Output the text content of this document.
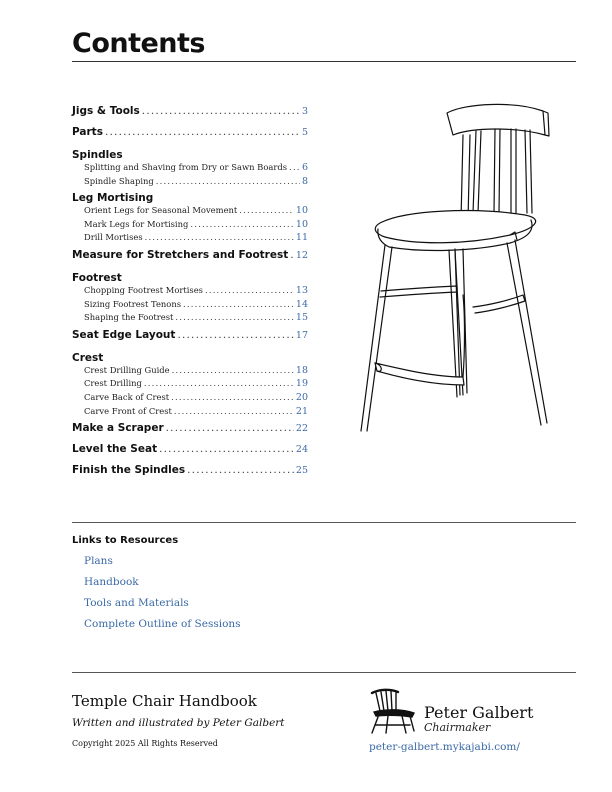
Contents
Jigs & Tools .....	3
Parts .....	5
Spindles
Splitting and Shaving from Dry or Sawn Boards ..... 6
Spindle Shaping .....	8
Leg Mortising
Orient Legs for Seasonal Movement .....	10
Mark Legs for Mortising .....	10
Drill Mortises .....	11
Measure for Stretchers and Footrest ..... 12
Footrest
Chopping Footrest Mortises .....	13
Sizing Footrest Tenons .....	14
Shaping the Footrest .....	15
Seat Edge Layout .....	17
Crest
Crest Drilling Guide .....	18
Crest Drilling .....	19
Carve Back of Crest .....	20
Carve Front of Crest .....	21
Make a Scraper .....	22
Level the Seat .....	24
Finish the Spindles .....	25
Links to Resources
Plans
Handbook
Tools and Materials
Complete Outline of Sessions
Temple Chair Handbook
Written and illustrated by Peter Galbert
Copyright 2025 All Rights Reserved
Peter Galbert
Chairmaker
peter-galbert.mykajabi.com/
